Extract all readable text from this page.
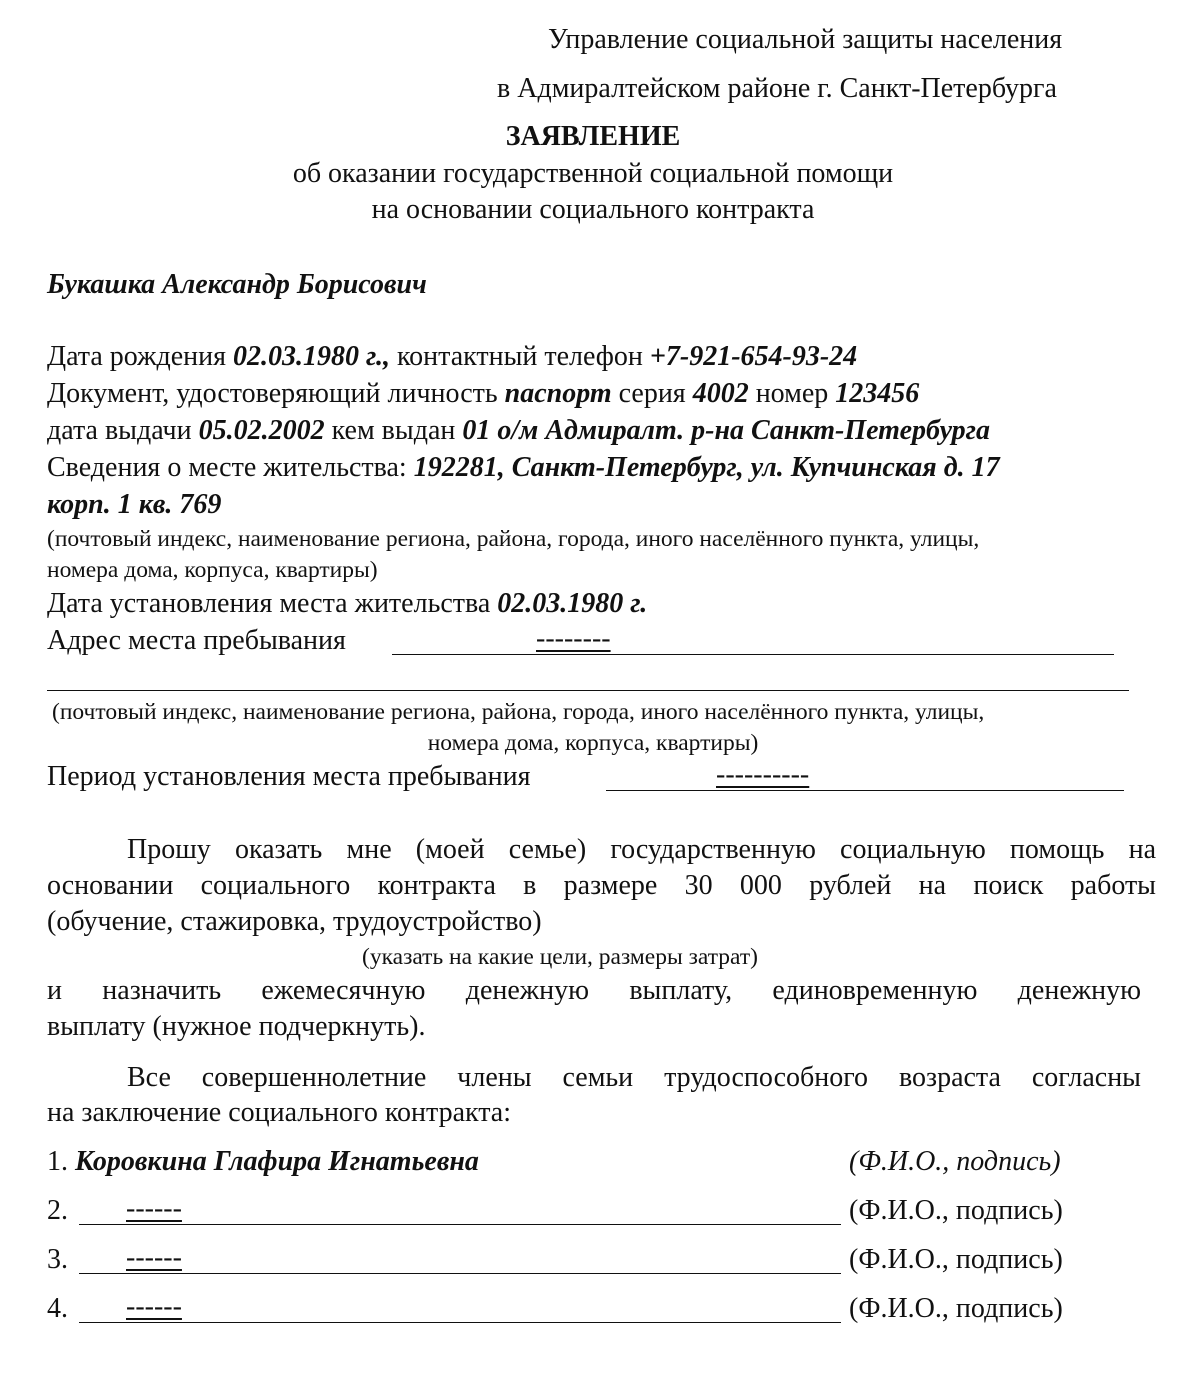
Управление социальной защиты населения
в Адмиралтейском районе г. Санкт-Петербурга
ЗАЯВЛЕНИЕ
об оказании государственной социальной помощи
на основании социального контракта
Букашка Александр Борисович
Дата рождения 02.03.1980 г., контактный телефон +7-921-654-93-24
Документ, удостоверяющий личность паспорт серия 4002 номер 123456
дата выдачи 05.02.2002 кем выдан 01 о/м Адмиралт. р-на Санкт-Петербурга
Сведения о месте жительства: 192281, Санкт-Петербург, ул. Купчинская д. 17
корп. 1 кв. 769
(почтовый индекс, наименование региона, района, города, иного населённого пункта, улицы,
номера дома, корпуса, квартиры)
Дата установления места жительства 02.03.1980 г.
Адрес места пребывания	--------
(почтовый индекс, наименование региона, района, города, иного населённого пункта, улицы,
номера дома, корпуса, квартиры)
Период установления места пребывания	----------
Прошу оказать мне (моей семье) государственную социальную помощь на
основании социального контракта в размере 30 000 рублей на поиск работы
(обучение, стажировка, трудоустройство)
(указать на какие цели, размеры затрат)
и назначить ежемесячную денежную выплату, единовременную денежную
выплату (нужное подчеркнуть).
Все совершеннолетние члены семьи трудоспособного возраста согласны
на заключение социального контракта:
1. Коровкина Глафира Игнатьевна	(Ф.И.О., подпись)
2. ------	(Ф.И.О., подпись)
3. ------	(Ф.И.О., подпись)
4. ------	(Ф.И.О., подпись)
